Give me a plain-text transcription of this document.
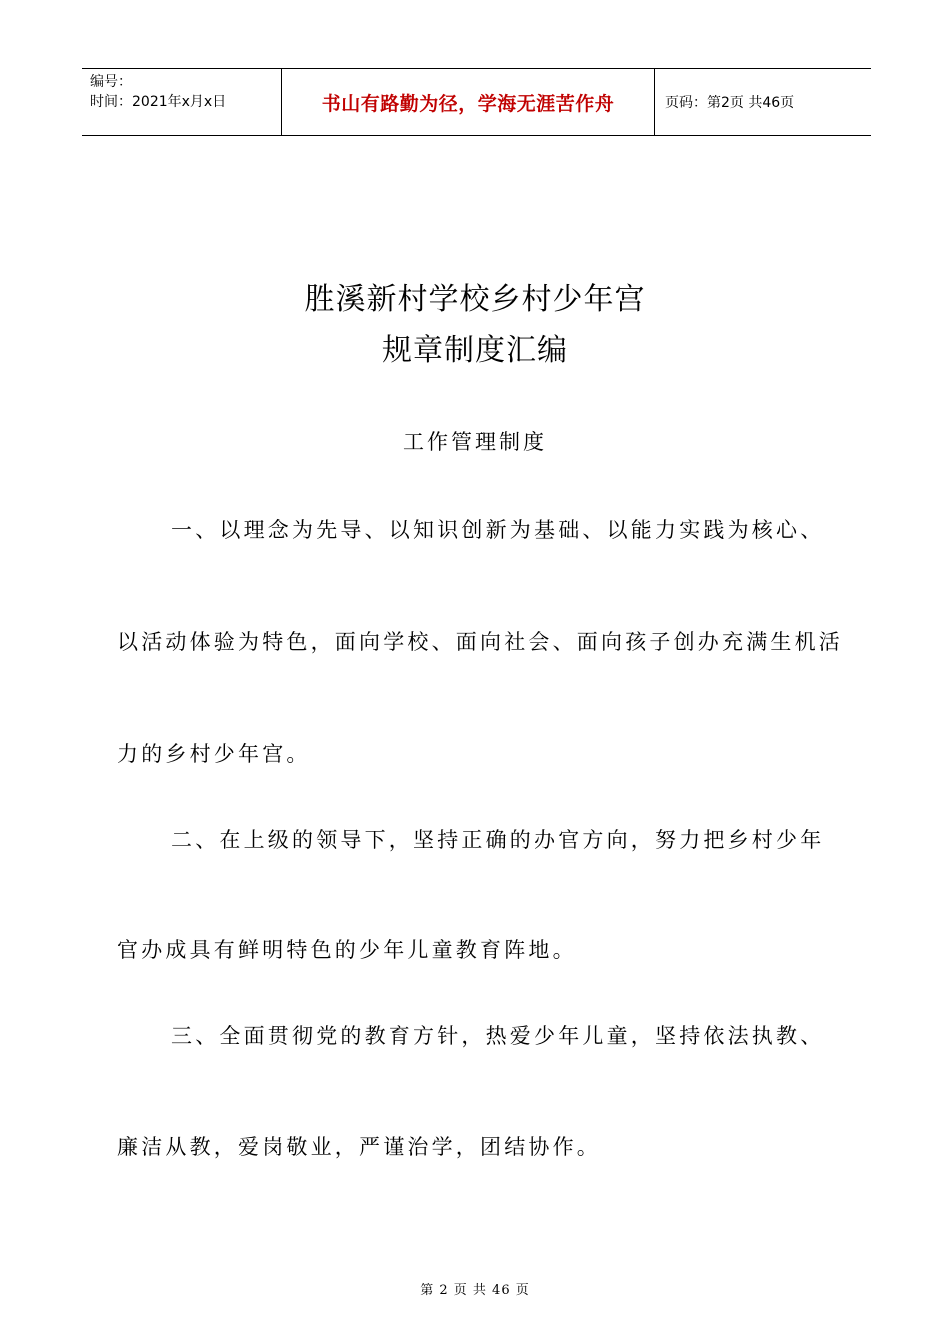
编号：
时间：2021年x月x日	书山有路勤为径，学海无涯苦作舟	页码：第2页 共46页
胜溪新村学校乡村少年宫
规章制度汇编
工作管理制度
一、以理念为先导、以知识创新为基础、以能力实践为核心、
以活动体验为特色，面向学校、面向社会、面向孩子创办充满生机活
力的乡村少年宫。
二、在上级的领导下，坚持正确的办官方向，努力把乡村少年
官办成具有鲜明特色的少年儿童教育阵地。
三、全面贯彻党的教育方针，热爱少年儿童，坚持依法执教、
廉洁从教，爱岗敬业，严谨治学，团结协作。
第 2 页 共 46 页
